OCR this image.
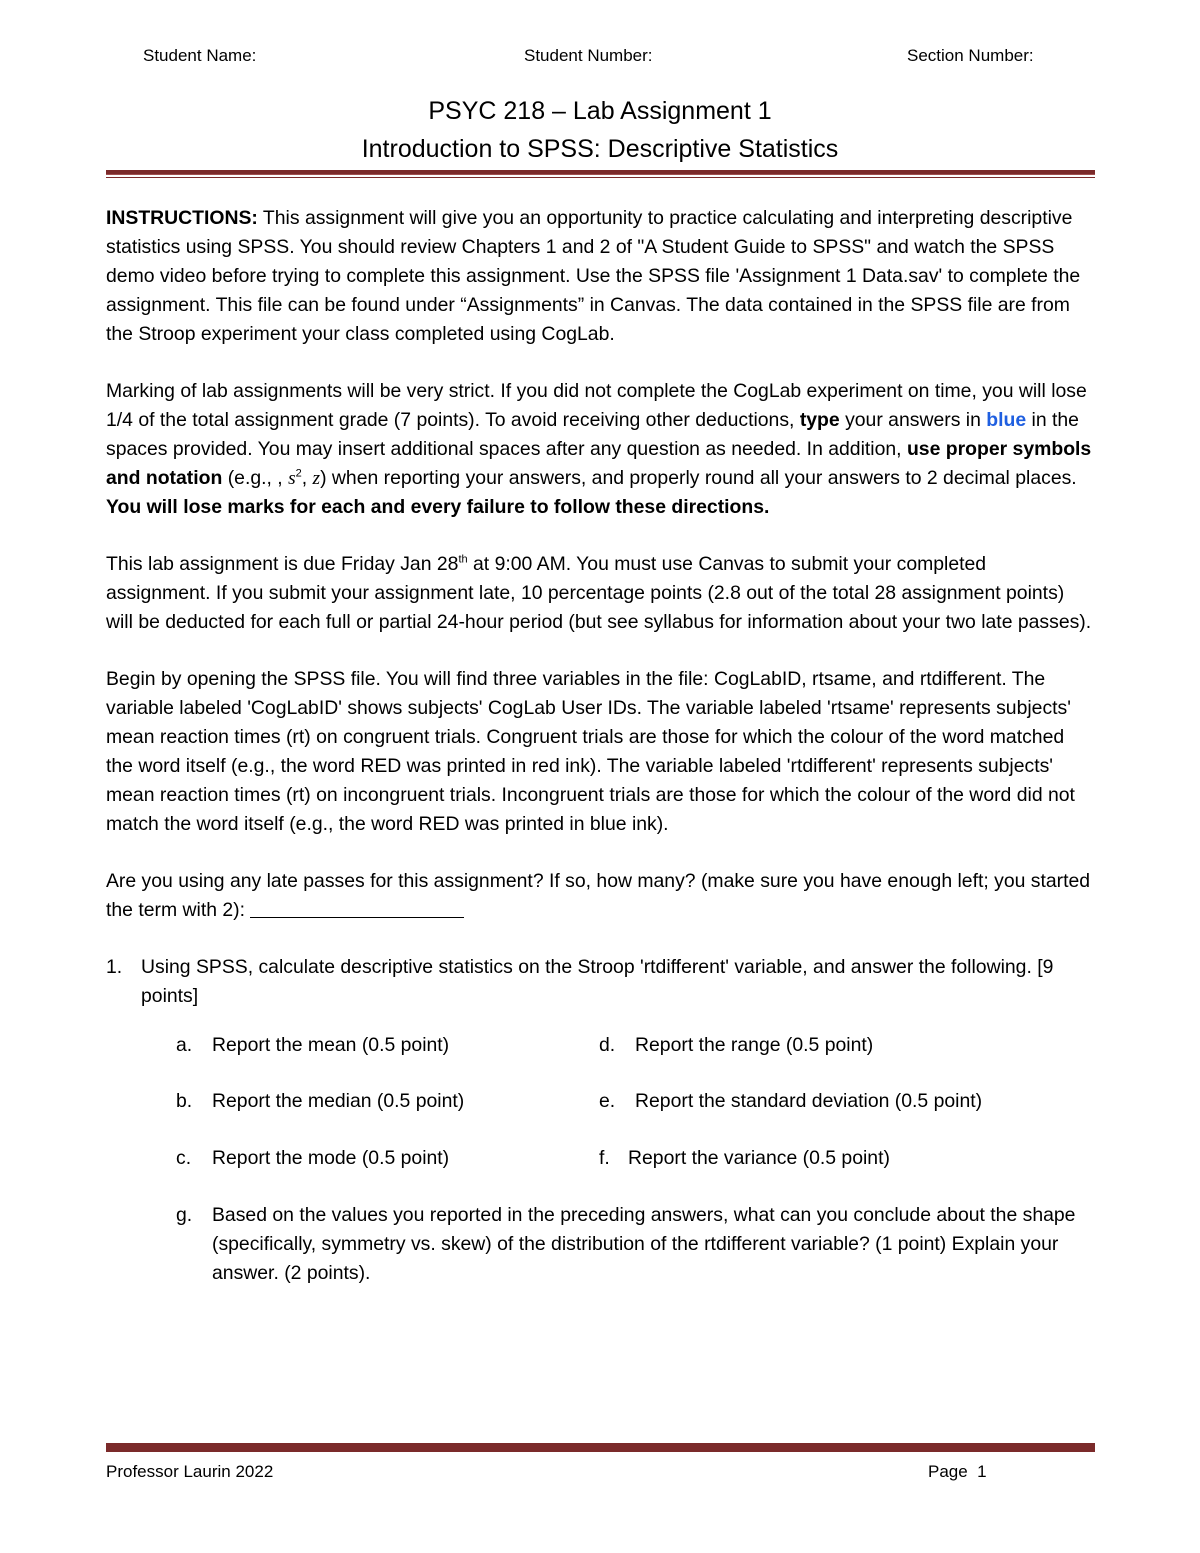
Student Name:	Student Number:	Section Number:
PSYC 218 – Lab Assignment 1
Introduction to SPSS: Descriptive Statistics

INSTRUCTIONS: This assignment will give you an opportunity to practice calculating and interpreting descriptive statistics using SPSS. You should review Chapters 1 and 2 of "A Student Guide to SPSS" and watch the SPSS demo video before trying to complete this assignment. Use the SPSS file 'Assignment 1 Data.sav' to complete the assignment. This file can be found under “Assignments” in Canvas. The data contained in the SPSS file are from the Stroop experiment your class completed using CogLab.

Marking of lab assignments will be very strict. If you did not complete the CogLab experiment on time, you will lose 1/4 of the total assignment grade (7 points). To avoid receiving other deductions, type your answers in blue in the spaces provided. You may insert additional spaces after any question as needed. In addition, use proper symbols and notation (e.g., , $s^2$, z) when reporting your answers, and properly round all your answers to 2 decimal places. You will lose marks for each and every failure to follow these directions.

This lab assignment is due Friday Jan 28th at 9:00 AM. You must use Canvas to submit your completed assignment. If you submit your assignment late, 10 percentage points (2.8 out of the total 28 assignment points) will be deducted for each full or partial 24-hour period (but see syllabus for information about your two late passes).

Begin by opening the SPSS file. You will find three variables in the file: CogLabID, rtsame, and rtdifferent. The variable labeled 'CogLabID' shows subjects' CogLab User IDs. The variable labeled 'rtsame' represents subjects' mean reaction times (rt) on congruent trials. Congruent trials are those for which the colour of the word matched the word itself (e.g., the word RED was printed in red ink). The variable labeled 'rtdifferent' represents subjects' mean reaction times (rt) on incongruent trials. Incongruent trials are those for which the colour of the word did not match the word itself (e.g., the word RED was printed in blue ink).

Are you using any late passes for this assignment? If so, how many? (make sure you have enough left; you started the term with 2):

1. Using SPSS, calculate descriptive statistics on the Stroop 'rtdifferent' variable, and answer the following. [9 points]
a. Report the mean (0.5 point)	d. Report the range (0.5 point)
b. Report the median (0.5 point)	e. Report the standard deviation (0.5 point)
c. Report the mode (0.5 point)	f. Report the variance (0.5 point)
g. Based on the values you reported in the preceding answers, what can you conclude about the shape (specifically, symmetry vs. skew) of the distribution of the rtdifferent variable? (1 point) Explain your answer. (2 points).
Professor Laurin 2022	Page  1
